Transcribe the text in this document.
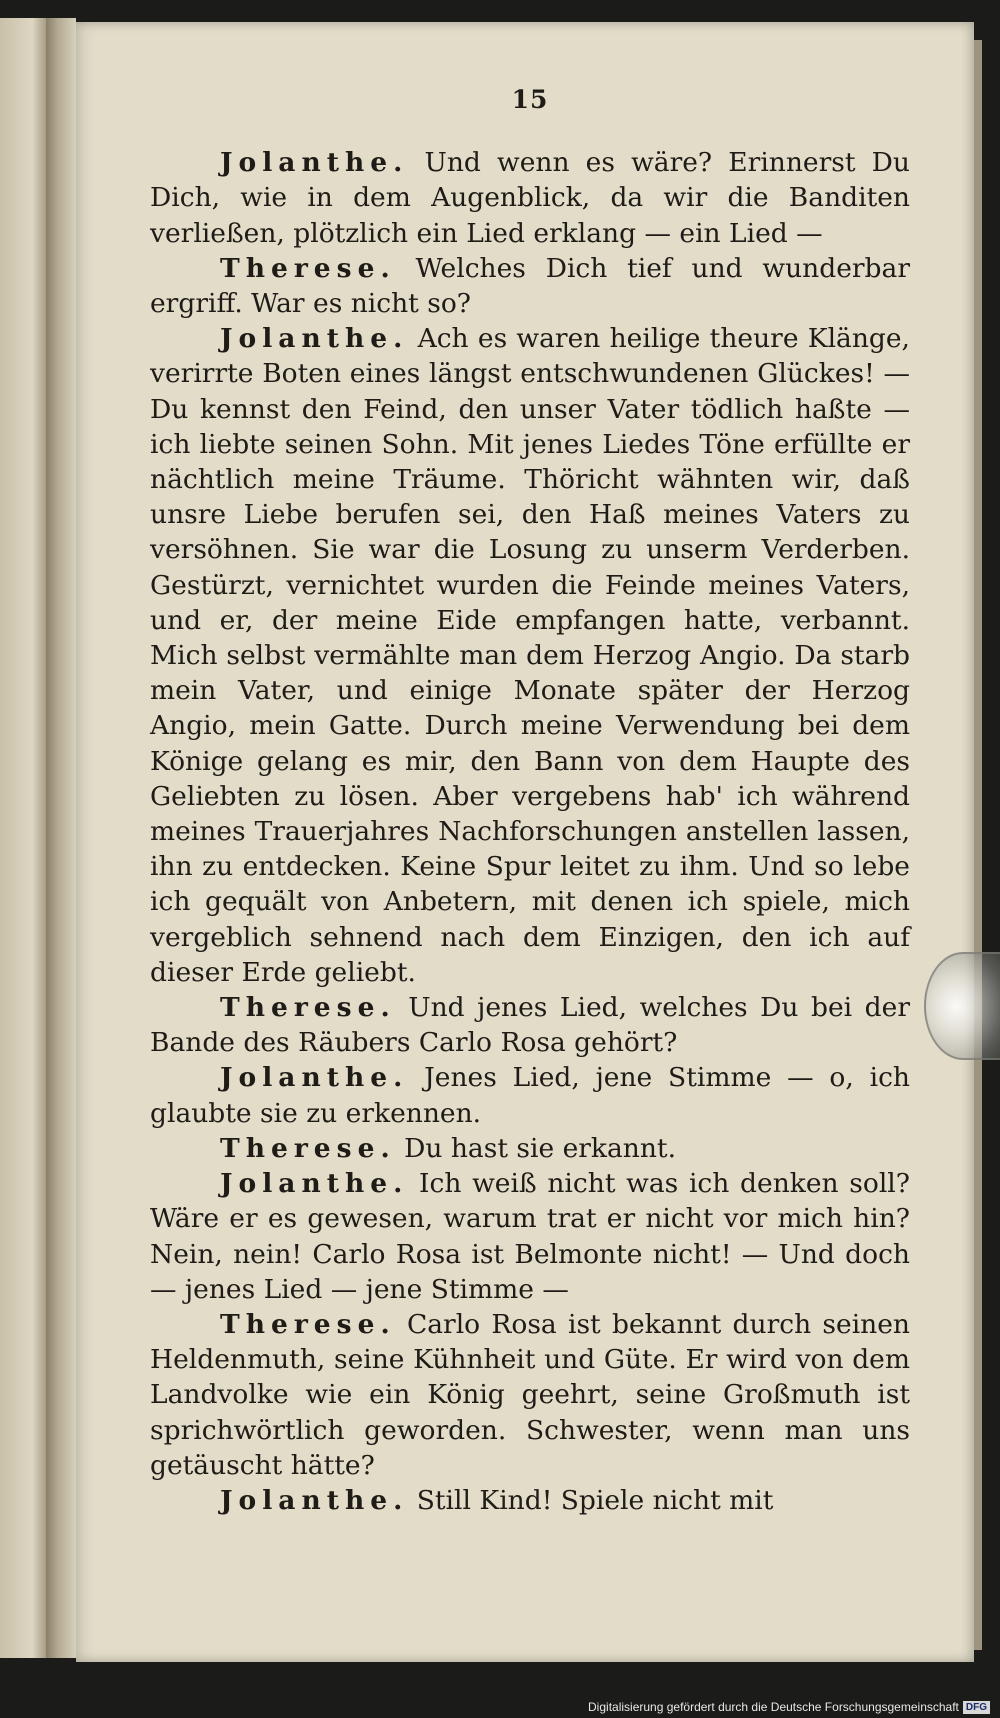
15

Jolanthe. Und wenn es wäre? Erinnerst Du Dich, wie in dem Augenblick, da wir die Banditen verließen, plötzlich ein Lied erklang — ein Lied —

Therese. Welches Dich tief und wunderbar ergriff. War es nicht so?

Jolanthe. Ach es waren heilige theure Klänge, verirrte Boten eines längst entschwundenen Glückes! — Du kennst den Feind, den unser Vater tödlich haßte — ich liebte seinen Sohn. Mit jenes Liedes Töne erfüllte er nächtlich meine Träume. Thöricht wähnten wir, daß unsre Liebe berufen sei, den Haß meines Vaters zu versöhnen. Sie war die Losung zu unserm Verderben. Gestürzt, vernichtet wurden die Feinde meines Vaters, und er, der meine Eide empfangen hatte, verbannt. Mich selbst vermählte man dem Herzog Angio. Da starb mein Vater, und einige Monate später der Herzog Angio, mein Gatte. Durch meine Verwendung bei dem Könige gelang es mir, den Bann von dem Haupte des Geliebten zu lösen. Aber vergebens hab' ich während meines Trauerjahres Nachforschungen anstellen lassen, ihn zu entdecken. Keine Spur leitet zu ihm. Und so lebe ich gequält von Anbetern, mit denen ich spiele, mich vergeblich sehnend nach dem Einzigen, den ich auf dieser Erde geliebt.

Therese. Und jenes Lied, welches Du bei der Bande des Räubers Carlo Rosa gehört?

Jolanthe. Jenes Lied, jene Stimme — o, ich glaubte sie zu erkennen.

Therese. Du hast sie erkannt.

Jolanthe. Ich weiß nicht was ich denken soll? Wäre er es gewesen, warum trat er nicht vor mich hin? Nein, nein! Carlo Rosa ist Belmonte nicht! — Und doch — jenes Lied — jene Stimme —

Therese. Carlo Rosa ist bekannt durch seinen Heldenmuth, seine Kühnheit und Güte. Er wird von dem Landvolke wie ein König geehrt, seine Großmuth ist sprichwörtlich geworden. Schwester, wenn man uns getäuscht hätte?

Jolanthe. Still Kind! Spiele nicht mit

Digitalisierung gefördert durch die Deutsche Forschungsgemeinschaft DFG
